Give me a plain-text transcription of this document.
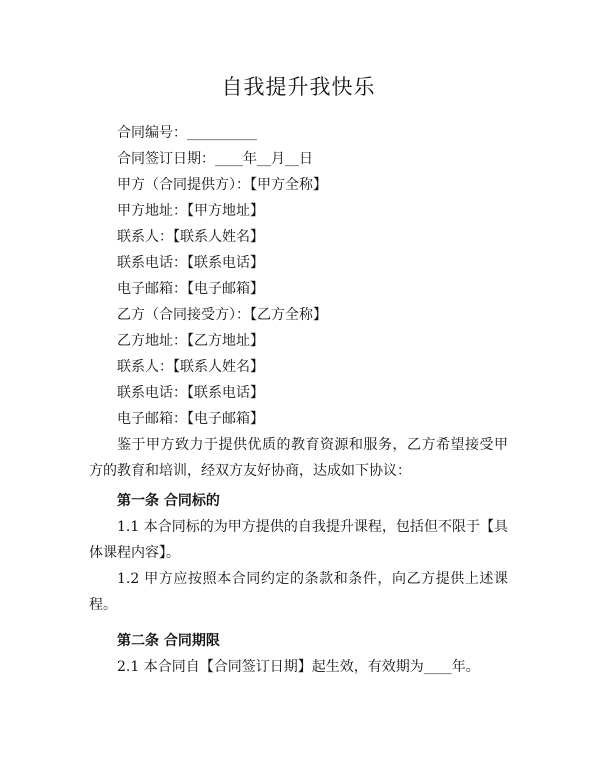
自我提升我快乐
合同编号：__________
合同签订日期：____年__月__日
甲方（合同提供方）：【甲方全称】
甲方地址：【甲方地址】
联系人：【联系人姓名】
联系电话：【联系电话】
电子邮箱：【电子邮箱】
乙方（合同接受方）：【乙方全称】
乙方地址：【乙方地址】
联系人：【联系人姓名】
联系电话：【联系电话】
电子邮箱：【电子邮箱】
鉴于甲方致力于提供优质的教育资源和服务，乙方希望接受甲方的教育和培训，经双方友好协商，达成如下协议：
第一条 合同标的
1.1 本合同标的为甲方提供的自我提升课程，包括但不限于【具体课程内容】。
1.2 甲方应按照本合同约定的条款和条件，向乙方提供上述课程。
第二条 合同期限
2.1 本合同自【合同签订日期】起生效，有效期为____年。
